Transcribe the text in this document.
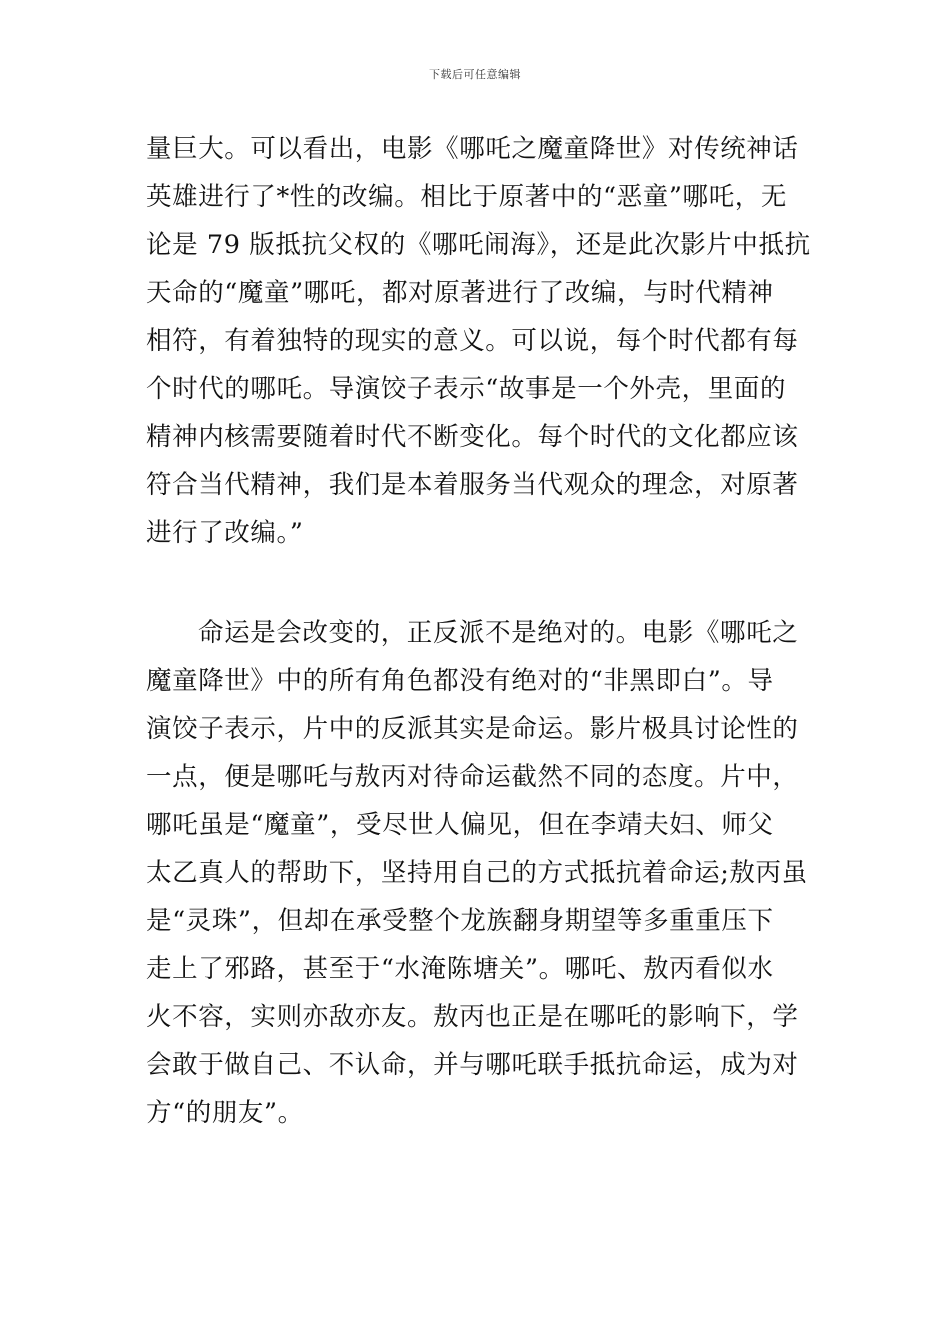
下载后可任意编辑
量巨大。可以看出，电影《哪吒之魔童降世》对传统神话
英雄进行了*性的改编。相比于原著中的“恶童”哪吒，无
论是 79 版抵抗父权的《哪吒闹海》，还是此次影片中抵抗
天命的“魔童”哪吒，都对原著进行了改编，与时代精神
相符，有着独特的现实的意义。可以说，每个时代都有每
个时代的哪吒。导演饺子表示“故事是一个外壳，里面的
精神内核需要随着时代不断变化。每个时代的文化都应该
符合当代精神，我们是本着服务当代观众的理念，对原著
进行了改编。”
命运是会改变的，正反派不是绝对的。电影《哪吒之
魔童降世》中的所有角色都没有绝对的“非黑即白”。导
演饺子表示，片中的反派其实是命运。影片极具讨论性的
一点，便是哪吒与敖丙对待命运截然不同的态度。片中，
哪吒虽是“魔童”，受尽世人偏见，但在李靖夫妇、师父
太乙真人的帮助下，坚持用自己的方式抵抗着命运;敖丙虽
是“灵珠”，但却在承受整个龙族翻身期望等多重重压下
走上了邪路，甚至于“水淹陈塘关”。哪吒、敖丙看似水
火不容，实则亦敌亦友。敖丙也正是在哪吒的影响下，学
会敢于做自己、不认命，并与哪吒联手抵抗命运，成为对
方“的朋友”。
